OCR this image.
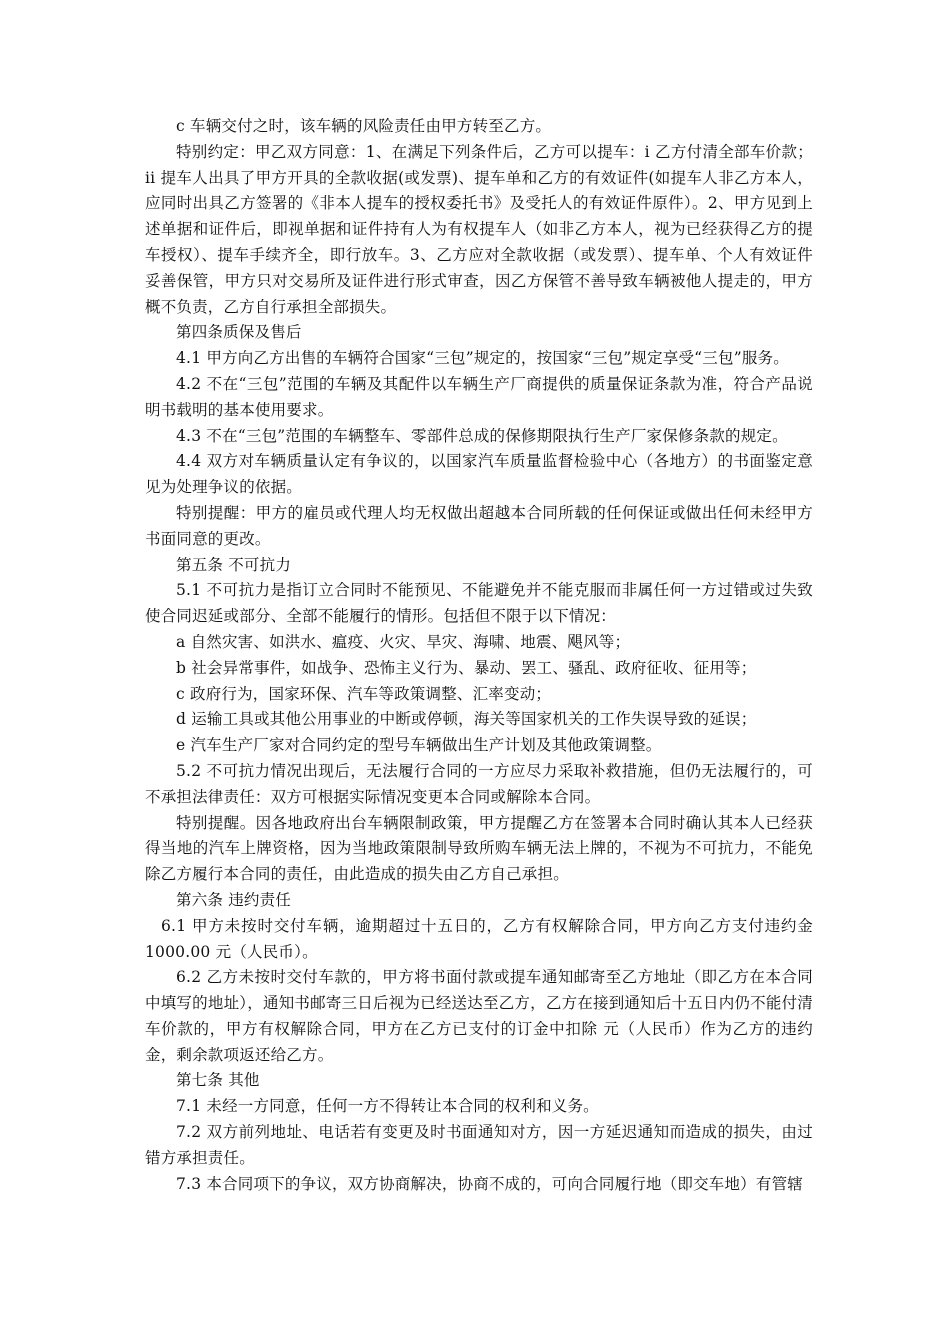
c 车辆交付之时，该车辆的风险责任由甲方转至乙方。

特别约定：甲乙双方同意：1、在满足下列条件后，乙方可以提车：i 乙方付清全部车价款；ii 提车人出具了甲方开具的全款收据(或发票)、提车单和乙方的有效证件(如提车人非乙方本人，应同时出具乙方签署的《非本人提车的授权委托书》及受托人的有效证件原件）。2、甲方见到上述单据和证件后，即视单据和证件持有人为有权提车人（如非乙方本人，视为已经获得乙方的提车授权）、提车手续齐全，即行放车。3、乙方应对全款收据（或发票）、提车单、个人有效证件妥善保管，甲方只对交易所及证件进行形式审查，因乙方保管不善导致车辆被他人提走的，甲方概不负责，乙方自行承担全部损失。

第四条质保及售后

4.1 甲方向乙方出售的车辆符合国家“三包”规定的，按国家“三包”规定享受“三包”服务。

4.2 不在“三包”范围的车辆及其配件以车辆生产厂商提供的质量保证条款为准，符合产品说明书载明的基本使用要求。

4.3 不在“三包”范围的车辆整车、零部件总成的保修期限执行生产厂家保修条款的规定。

4.4 双方对车辆质量认定有争议的，以国家汽车质量监督检验中心（各地方）的书面鉴定意见为处理争议的依据。

特别提醒：甲方的雇员或代理人均无权做出超越本合同所载的任何保证或做出任何未经甲方书面同意的更改。

第五条 不可抗力

5.1 不可抗力是指订立合同时不能预见、不能避免并不能克服而非属任何一方过错或过失致使合同迟延或部分、全部不能履行的情形。包括但不限于以下情况：

a 自然灾害、如洪水、瘟疫、火灾、旱灾、海啸、地震、飓风等；

b 社会异常事件，如战争、恐怖主义行为、暴动、罢工、骚乱、政府征收、征用等；

c 政府行为，国家环保、汽车等政策调整、汇率变动；

d 运输工具或其他公用事业的中断或停顿，海关等国家机关的工作失误导致的延误；

e 汽车生产厂家对合同约定的型号车辆做出生产计划及其他政策调整。

5.2 不可抗力情况出现后，无法履行合同的一方应尽力采取补救措施，但仍无法履行的，可不承担法律责任：双方可根据实际情况变更本合同或解除本合同。

特别提醒。因各地政府出台车辆限制政策，甲方提醒乙方在签署本合同时确认其本人已经获得当地的汽车上牌资格，因为当地政策限制导致所购车辆无法上牌的，不视为不可抗力，不能免除乙方履行本合同的责任，由此造成的损失由乙方自己承担。

第六条 违约责任

6.1 甲方未按时交付车辆，逾期超过十五日的，乙方有权解除合同，甲方向乙方支付违约金 1000.00 元（人民币）。

6.2 乙方未按时交付车款的，甲方将书面付款或提车通知邮寄至乙方地址（即乙方在本合同中填写的地址），通知书邮寄三日后视为已经送达至乙方，乙方在接到通知后十五日内仍不能付清车价款的，甲方有权解除合同，甲方在乙方已支付的订金中扣除 元（人民币）作为乙方的违约金，剩余款项返还给乙方。

第七条 其他

7.1 未经一方同意，任何一方不得转让本合同的权利和义务。

7.2 双方前列地址、电话若有变更及时书面通知对方，因一方延迟通知而造成的损失，由过错方承担责任。

7.3 本合同项下的争议，双方协商解决，协商不成的，可向合同履行地（即交车地）有管辖
